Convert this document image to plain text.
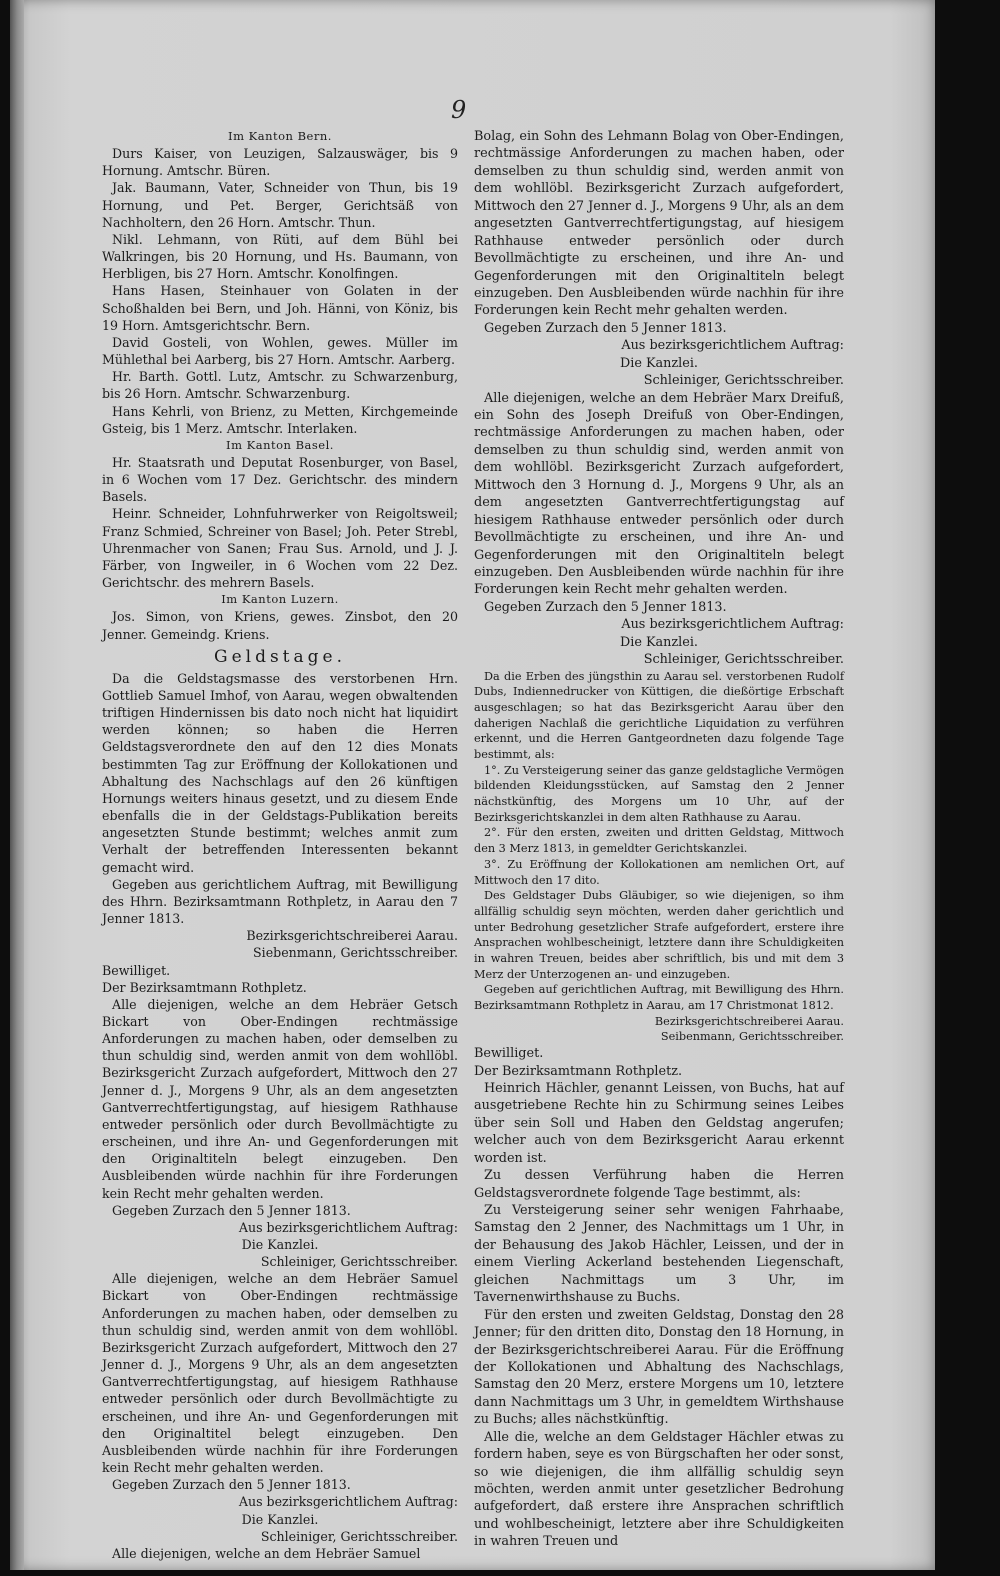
9

Im Kanton Bern.

Durs Kaiser, von Leuzigen, Salzauswäger, bis 9 Hornung. Amtschr. Büren.

Jak. Baumann, Vater, Schneider von Thun, bis 19 Hornung, und Pet. Berger, Gerichtsäß von Nachholtern, den 26 Horn. Amtschr. Thun.

Nikl. Lehmann, von Rüti, auf dem Bühl bei Walkringen, bis 20 Hornung, und Hs. Baumann, von Herbligen, bis 27 Horn. Amtschr. Konolfingen.

Hans Hasen, Steinhauer von Golaten in der Schoßhalden bei Bern, und Joh. Hänni, von Köniz, bis 19 Horn. Amtsgerichtschr. Bern.

David Gosteli, von Wohlen, gewes. Müller im Mühlethal bei Aarberg, bis 27 Horn. Amtschr. Aarberg.

Hr. Barth. Gottl. Lutz, Amtschr. zu Schwarzenburg, bis 26 Horn. Amtschr. Schwarzenburg.

Hans Kehrli, von Brienz, zu Metten, Kirchgemeinde Gsteig, bis 1 Merz. Amtschr. Interlaken.

Im Kanton Basel.

Hr. Staatsrath und Deputat Rosenburger, von Basel, in 6 Wochen vom 17 Dez. Gerichtschr. des mindern Basels.

Heinr. Schneider, Lohnfuhrwerker von Reigoltsweil; Franz Schmied, Schreiner von Basel; Joh. Peter Strebl, Uhrenmacher von Sanen; Frau Sus. Arnold, und J. J. Färber, von Ingweiler, in 6 Wochen vom 22 Dez. Gerichtschr. des mehrern Basels.

Im Kanton Luzern.

Jos. Simon, von Kriens, gewes. Zinsbot, den 20 Jenner. Gemeindg. Kriens.

Geldstage.

Da die Geldstagsmasse des verstorbenen Hrn. Gottlieb Samuel Imhof, von Aarau, wegen obwaltenden triftigen Hindernissen bis dato noch nicht hat liquidirt werden können; so haben die Herren Geldstagsverordnete den auf den 12 dies Monats bestimmten Tag zur Eröffnung der Kollokationen und Abhaltung des Nachschlags auf den 26 künftigen Hornungs weiters hinaus gesetzt, und zu diesem Ende ebenfalls die in der Geldstags-Publikation bereits angesetzten Stunde bestimmt; welches anmit zum Verhalt der betreffenden Interessenten bekannt gemacht wird.

Gegeben aus gerichtlichem Auftrag, mit Bewilligung des Hhrn. Bezirksamtmann Rothpletz, in Aarau den 7 Jenner 1813.

Bezirksgerichtschreiberei Aarau.

Siebenmann, Gerichtsschreiber.

Bewilliget.

Der Bezirksamtmann Rothpletz.

Alle diejenigen, welche an dem Hebräer Getsch Bickart von Ober-Endingen rechtmässige Anforderungen zu machen haben, oder demselben zu thun schuldig sind, werden anmit von dem wohllöbl. Bezirksgericht Zurzach aufgefordert, Mittwoch den 27 Jenner d. J., Morgens 9 Uhr, als an dem angesetzten Gantverrechtfertigungstag, auf hiesigem Rathhause entweder persönlich oder durch Bevollmächtigte zu erscheinen, und ihre An- und Gegenforderungen mit den Originaltiteln belegt einzugeben. Den Ausbleibenden würde nachhin für ihre Forderungen kein Recht mehr gehalten werden.

Gegeben Zurzach den 5 Jenner 1813.

Aus bezirksgerichtlichem Auftrag:

Die Kanzlei.

Schleiniger, Gerichtsschreiber.

Alle diejenigen, welche an dem Hebräer Samuel Bickart von Ober-Endingen rechtmässige Anforderungen zu machen haben, oder demselben zu thun schuldig sind, werden anmit von dem wohllöbl. Bezirksgericht Zurzach aufgefordert, Mittwoch den 27 Jenner d. J., Morgens 9 Uhr, als an dem angesetzten Gantverrechtfertigungstag, auf hiesigem Rathhause entweder persönlich oder durch Bevollmächtigte zu erscheinen, und ihre An- und Gegenforderungen mit den Originaltitel belegt einzugeben. Den Ausbleibenden würde nachhin für ihre Forderungen kein Recht mehr gehalten werden.

Gegeben Zurzach den 5 Jenner 1813.

Aus bezirksgerichtlichem Auftrag:

Die Kanzlei.

Schleiniger, Gerichtsschreiber.

Alle diejenigen, welche an dem Hebräer Samuel

Bolag, ein Sohn des Lehmann Bolag von Ober-Endingen, rechtmässige Anforderungen zu machen haben, oder demselben zu thun schuldig sind, werden anmit von dem wohllöbl. Bezirksgericht Zurzach aufgefordert, Mittwoch den 27 Jenner d. J., Morgens 9 Uhr, als an dem angesetzten Gantverrechtfertigungstag, auf hiesigem Rathhause entweder persönlich oder durch Bevollmächtigte zu erscheinen, und ihre An- und Gegenforderungen mit den Originaltiteln belegt einzugeben. Den Ausbleibenden würde nachhin für ihre Forderungen kein Recht mehr gehalten werden.

Gegeben Zurzach den 5 Jenner 1813.

Aus bezirksgerichtlichem Auftrag:

Die Kanzlei.

Schleiniger, Gerichtsschreiber.

Alle diejenigen, welche an dem Hebräer Marx Dreifuß, ein Sohn des Joseph Dreifuß von Ober-Endingen, rechtmässige Anforderungen zu machen haben, oder demselben zu thun schuldig sind, werden anmit von dem wohllöbl. Bezirksgericht Zurzach aufgefordert, Mittwoch den 3 Hornung d. J., Morgens 9 Uhr, als an dem angesetzten Gantverrechtfertigungstag auf hiesigem Rathhause entweder persönlich oder durch Bevollmächtigte zu erscheinen, und ihre An- und Gegenforderungen mit den Originaltiteln belegt einzugeben. Den Ausbleibenden würde nachhin für ihre Forderungen kein Recht mehr gehalten werden.

Gegeben Zurzach den 5 Jenner 1813.

Aus bezirksgerichtlichem Auftrag:

Die Kanzlei.

Schleiniger, Gerichtsschreiber.

Da die Erben des jüngsthin zu Aarau sel. verstorbenen Rudolf Dubs, Indiennedrucker von Küttigen, die dießörtige Erbschaft ausgeschlagen; so hat das Bezirksgericht Aarau über den daherigen Nachlaß die gerichtliche Liquidation zu verführen erkennt, und die Herren Gantgeordneten dazu folgende Tage bestimmt, als:

1°. Zu Versteigerung seiner das ganze geldstagliche Vermögen bildenden Kleidungsstücken, auf Samstag den 2 Jenner nächstkünftig, des Morgens um 10 Uhr, auf der Bezirksgerichtskanzlei in dem alten Rathhause zu Aarau.

2°. Für den ersten, zweiten und dritten Geldstag, Mittwoch den 3 Merz 1813, in gemeldter Gerichtskanzlei.

3°. Zu Eröffnung der Kollokationen am nemlichen Ort, auf Mittwoch den 17 dito.

Des Geldstager Dubs Gläubiger, so wie diejenigen, so ihm allfällig schuldig seyn möchten, werden daher gerichtlich und unter Bedrohung gesetzlicher Strafe aufgefordert, erstere ihre Ansprachen wohlbescheinigt, letztere dann ihre Schuldigkeiten in wahren Treuen, beides aber schriftlich, bis und mit dem 3 Merz der Unterzogenen an- und einzugeben.

Gegeben auf gerichtlichen Auftrag, mit Bewilligung des Hhrn. Bezirksamtmann Rothpletz in Aarau, am 17 Christmonat 1812.

Bezirksgerichtschreiberei Aarau.

Seibenmann, Gerichtsschreiber.

Bewilliget.

Der Bezirksamtmann Rothpletz.

Heinrich Hächler, genannt Leissen, von Buchs, hat auf ausgetriebene Rechte hin zu Schirmung seines Leibes über sein Soll und Haben den Geldstag angerufen; welcher auch von dem Bezirksgericht Aarau erkennt worden ist.

Zu dessen Verführung haben die Herren Geldstagsverordnete folgende Tage bestimmt, als:

Zu Versteigerung seiner sehr wenigen Fahrhaabe, Samstag den 2 Jenner, des Nachmittags um 1 Uhr, in der Behausung des Jakob Hächler, Leissen, und der in einem Vierling Ackerland bestehenden Liegenschaft, gleichen Nachmittags um 3 Uhr, im Tavernenwirthshause zu Buchs.

Für den ersten und zweiten Geldstag, Donstag den 28 Jenner; für den dritten dito, Donstag den 18 Hornung, in der Bezirksgerichtschreiberei Aarau. Für die Eröffnung der Kollokationen und Abhaltung des Nachschlags, Samstag den 20 Merz, erstere Morgens um 10, letztere dann Nachmittags um 3 Uhr, in gemeldtem Wirthshause zu Buchs; alles nächstkünftig.

Alle die, welche an dem Geldstager Hächler etwas zu fordern haben, seye es von Bürgschaften her oder sonst, so wie diejenigen, die ihm allfällig schuldig seyn möchten, werden anmit unter gesetzlicher Bedrohung aufgefordert, daß erstere ihre Ansprachen schriftlich und wohlbescheinigt, letztere aber ihre Schuldigkeiten in wahren Treuen und
